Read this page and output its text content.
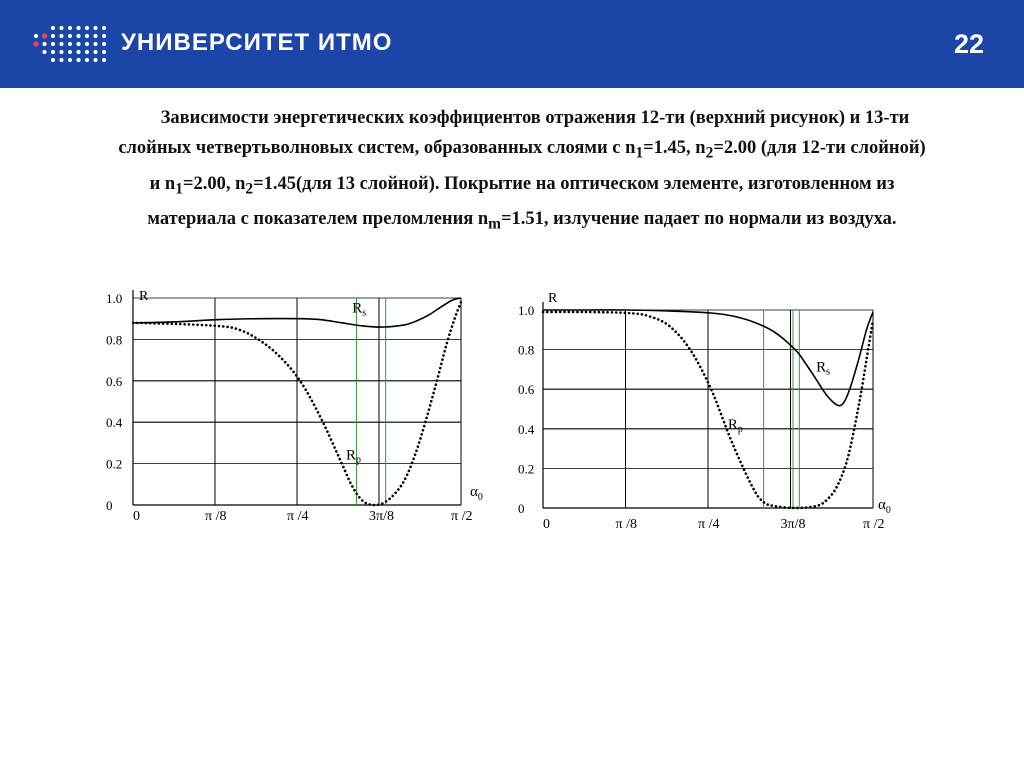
УНИВЕРСИТЕТ ИТМО	22
Зависимости энергетических коэффициентов отражения 12-ти (верхний рисунок) и 13-ти
слойных четвертьволновых систем, образованных слоями с $n_1=1.45$, $n_2=2.00$ (для 12-ти слойной)
и $n_1=2.00$, $n_2=1.45(для$ 13 слойной). Покрытие на оптическом элементе, изготовленном из
материала с показателем преломления $n_m=1.51$, излучение падает по нормали из воздуха.
1.0
0.8
0.6
0.4
0.2
0
0	π /8	π /4	3π/8	π /2
R
$\alpha_0$
$R_s$
$R_p$
1.0
0.8
0.6
0.4
0.2
0
0	π /8	π /4	3π/8	π /2
R
$\alpha_0$
$R_s$
$R_p$
